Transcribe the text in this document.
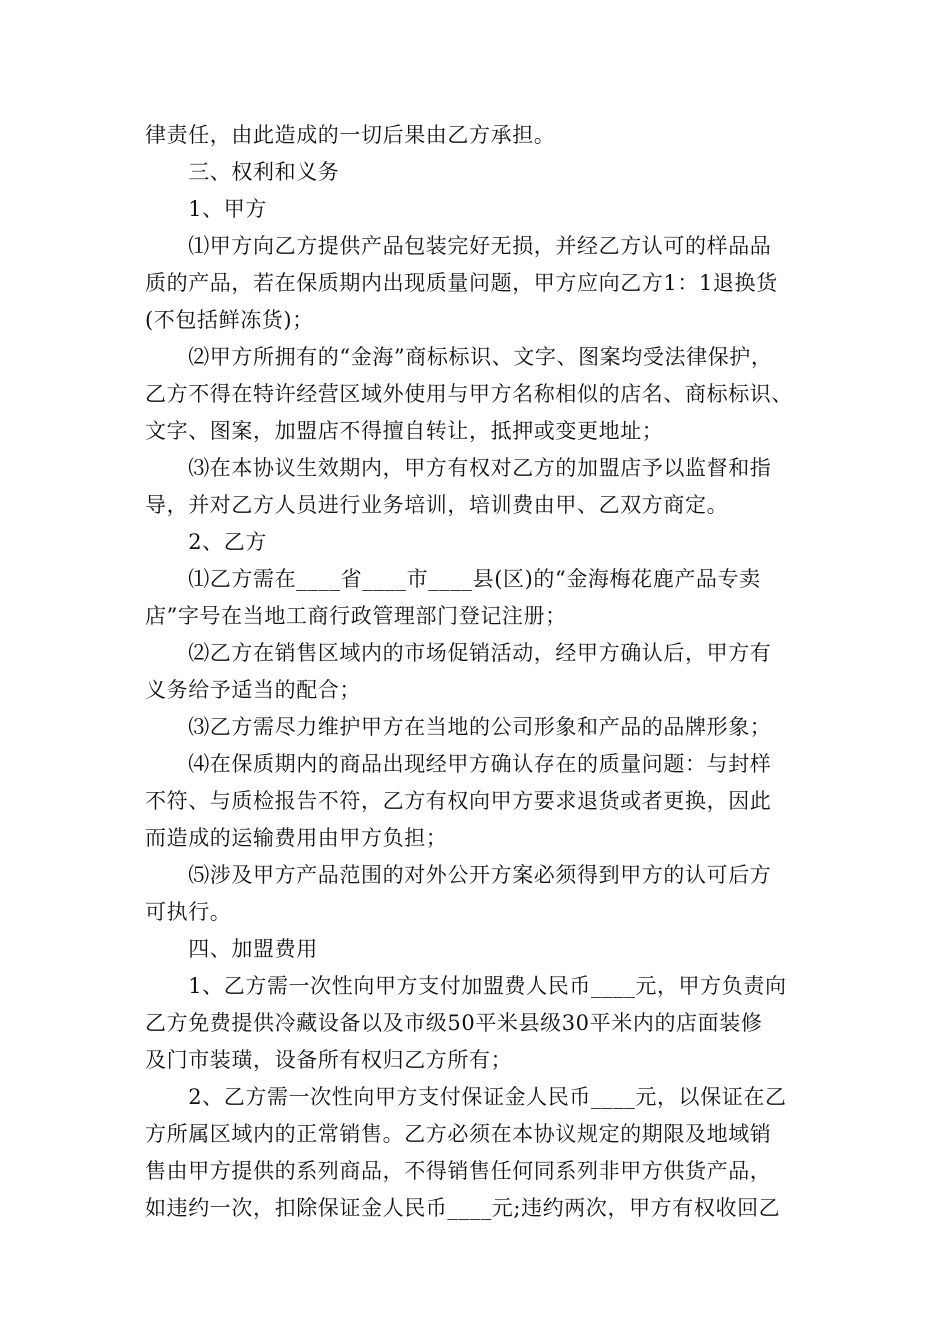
律责任，由此造成的一切后果由乙方承担。
　　三、权利和义务
　　1、甲方
　　⑴甲方向乙方提供产品包装完好无损，并经乙方认可的样品品
质的产品，若在保质期内出现质量问题，甲方应向乙方1：1退换货
(不包括鲜冻货)；
　　⑵甲方所拥有的“金海”商标标识、文字、图案均受法律保护，
乙方不得在特许经营区域外使用与甲方名称相似的店名、商标标识、
文字、图案，加盟店不得擅自转让，抵押或变更地址；
　　⑶在本协议生效期内，甲方有权对乙方的加盟店予以监督和指
导，并对乙方人员进行业务培训，培训费由甲、乙双方商定。
　　2、乙方
　　⑴乙方需在____省____市____县(区)的“金海梅花鹿产品专卖
店”字号在当地工商行政管理部门登记注册；
　　⑵乙方在销售区域内的市场促销活动，经甲方确认后，甲方有
义务给予适当的配合；
　　⑶乙方需尽力维护甲方在当地的公司形象和产品的品牌形象；
　　⑷在保质期内的商品出现经甲方确认存在的质量问题：与封样
不符、与质检报告不符，乙方有权向甲方要求退货或者更换，因此
而造成的运输费用由甲方负担；
　　⑸涉及甲方产品范围的对外公开方案必须得到甲方的认可后方
可执行。
　　四、加盟费用
　　1、乙方需一次性向甲方支付加盟费人民币____元，甲方负责向
乙方免费提供冷藏设备以及市级50平米县级30平米内的店面装修
及门市装璜，设备所有权归乙方所有；
　　2、乙方需一次性向甲方支付保证金人民币____元，以保证在乙
方所属区域内的正常销售。乙方必须在本协议规定的期限及地域销
售由甲方提供的系列商品，不得销售任何同系列非甲方供货产品，
如违约一次，扣除保证金人民币____元;违约两次，甲方有权收回乙
